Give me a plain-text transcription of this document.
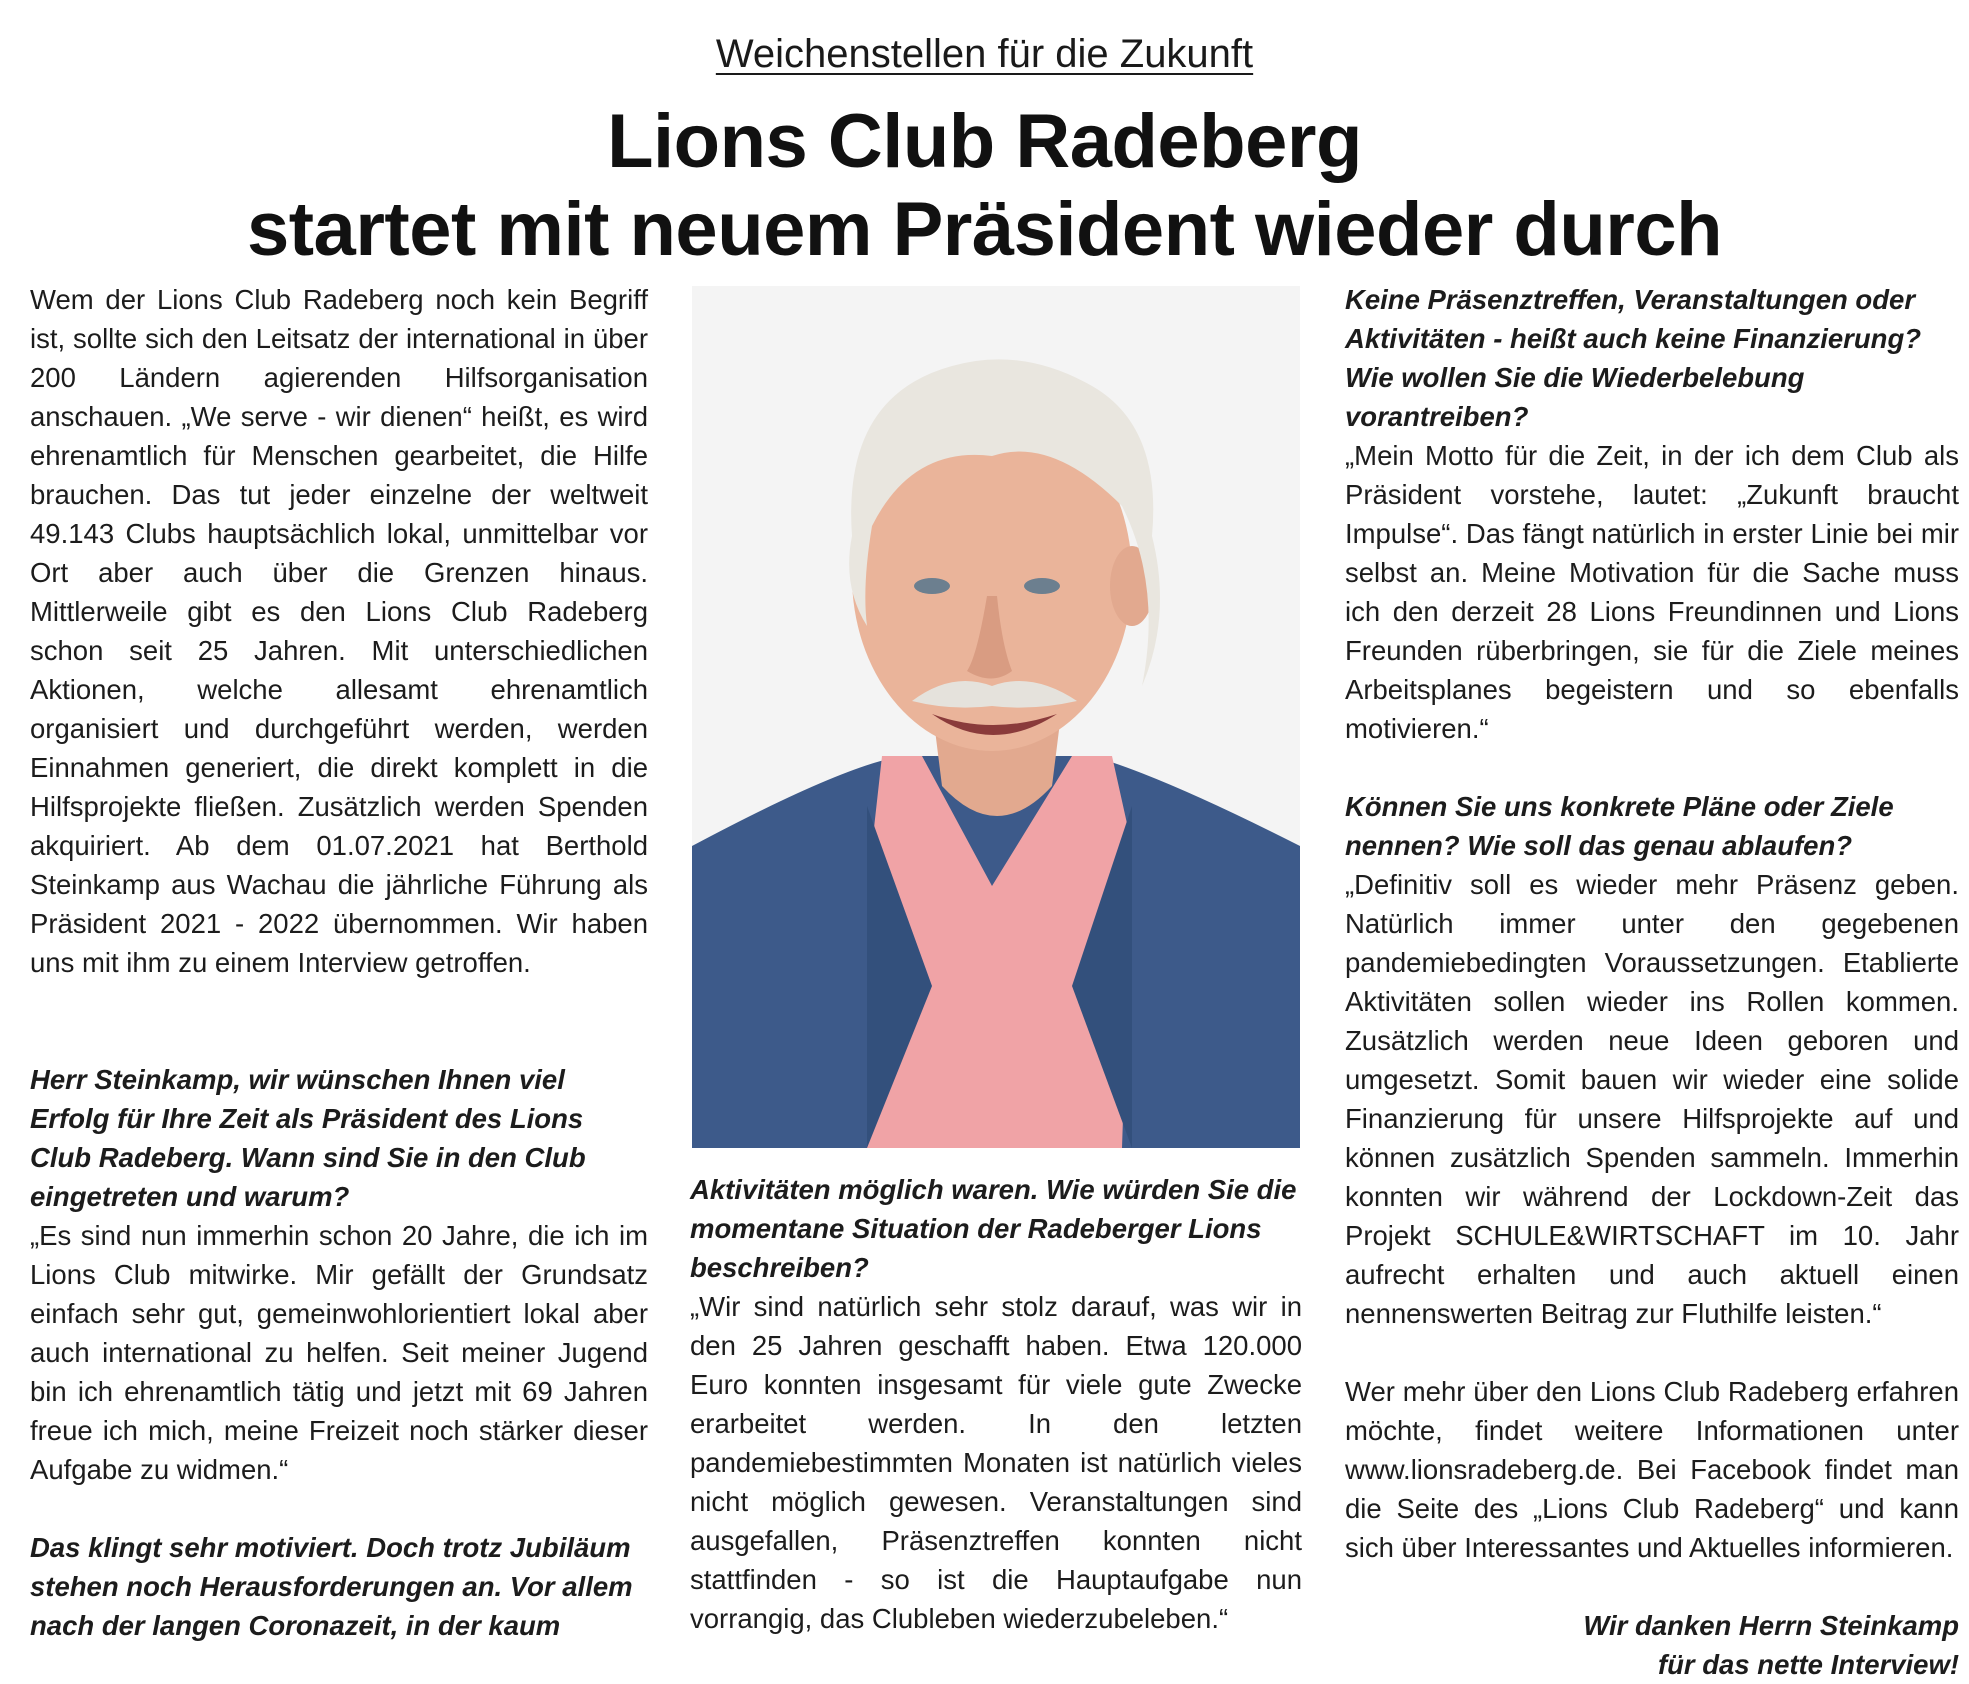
Weichenstellen für die Zukunft
Lions Club Radeberg
startet mit neuem Präsident wieder durch

Wem der Lions Club Radeberg noch kein Begriff ist, sollte sich den Leitsatz der international in über 200 Ländern agierenden Hilfsorganisation anschauen. „We serve - wir dienen“ heißt, es wird ehrenamtlich für Menschen gearbeitet, die Hilfe brauchen. Das tut jeder einzelne der weltweit 49.143 Clubs hauptsächlich lokal, unmittelbar vor Ort aber auch über die Grenzen hinaus. Mittlerweile gibt es den Lions Club Radeberg schon seit 25 Jahren. Mit unterschiedlichen Aktionen, welche allesamt ehrenamtlich organisiert und durchgeführt werden, werden Einnahmen generiert, die direkt komplett in die Hilfsprojekte fließen. Zusätzlich werden Spenden akquiriert. Ab dem 01.07.2021 hat Berthold Steinkamp aus Wachau die jährliche Führung als Präsident 2021 - 2022 übernommen. Wir haben uns mit ihm zu einem Interview getroffen.

Herr Steinkamp, wir wünschen Ihnen viel Erfolg für Ihre Zeit als Präsident des Lions Club Radeberg. Wann sind Sie in den Club eingetreten und warum?

„Es sind nun immerhin schon 20 Jahre, die ich im Lions Club mitwirke. Mir gefällt der Grundsatz einfach sehr gut, gemeinwohlorientiert lokal aber auch international zu helfen. Seit meiner Jugend bin ich ehrenamtlich tätig und jetzt mit 69 Jahren freue ich mich, meine Freizeit noch stärker dieser Aufgabe zu widmen.“

Das klingt sehr motiviert. Doch trotz Jubiläum stehen noch Herausforderungen an. Vor allem nach der langen Coronazeit, in der kaum

Aktivitäten möglich waren. Wie würden Sie die momentane Situation der Radeberger Lions beschreiben?

„Wir sind natürlich sehr stolz darauf, was wir in den 25 Jahren geschafft haben. Etwa 120.000 Euro konnten insgesamt für viele gute Zwecke erarbeitet werden. In den letzten pandemiebestimmten Monaten ist natürlich vieles nicht möglich gewesen. Veranstaltungen sind ausgefallen, Präsenztreffen konnten nicht stattfinden - so ist die Hauptaufgabe nun vorrangig, das Clubleben wiederzubeleben.“

Keine Präsenztreffen, Veranstaltungen oder Aktivitäten - heißt auch keine Finanzierung? Wie wollen Sie die Wiederbelebung vorantreiben?

„Mein Motto für die Zeit, in der ich dem Club als Präsident vorstehe, lautet: „Zukunft braucht Impulse“. Das fängt natürlich in erster Linie bei mir selbst an. Meine Motivation für die Sache muss ich den derzeit 28 Lions Freundinnen und Lions Freunden rüberbringen, sie für die Ziele meines Arbeitsplanes begeistern und so ebenfalls motivieren.“

Können Sie uns konkrete Pläne oder Ziele nennen? Wie soll das genau ablaufen?

„Definitiv soll es wieder mehr Präsenz geben. Natürlich immer unter den gegebenen pandemiebedingten Voraussetzungen. Etablierte Aktivitäten sollen wieder ins Rollen kommen. Zusätzlich werden neue Ideen geboren und umgesetzt. Somit bauen wir wieder eine solide Finanzierung für unsere Hilfsprojekte auf und können zusätzlich Spenden sammeln. Immerhin konnten wir während der Lockdown-Zeit das Projekt SCHULE&WIRTSCHAFT im 10. Jahr aufrecht erhalten und auch aktuell einen nennenswerten Beitrag zur Fluthilfe leisten.“

Wer mehr über den Lions Club Radeberg erfahren möchte, findet weitere Informationen unter www.lionsradeberg.de. Bei Facebook findet man die Seite des „Lions Club Radeberg“ und kann sich über Interessantes und Aktuelles informieren.

Wir danken Herrn Steinkamp

für das nette Interview!
